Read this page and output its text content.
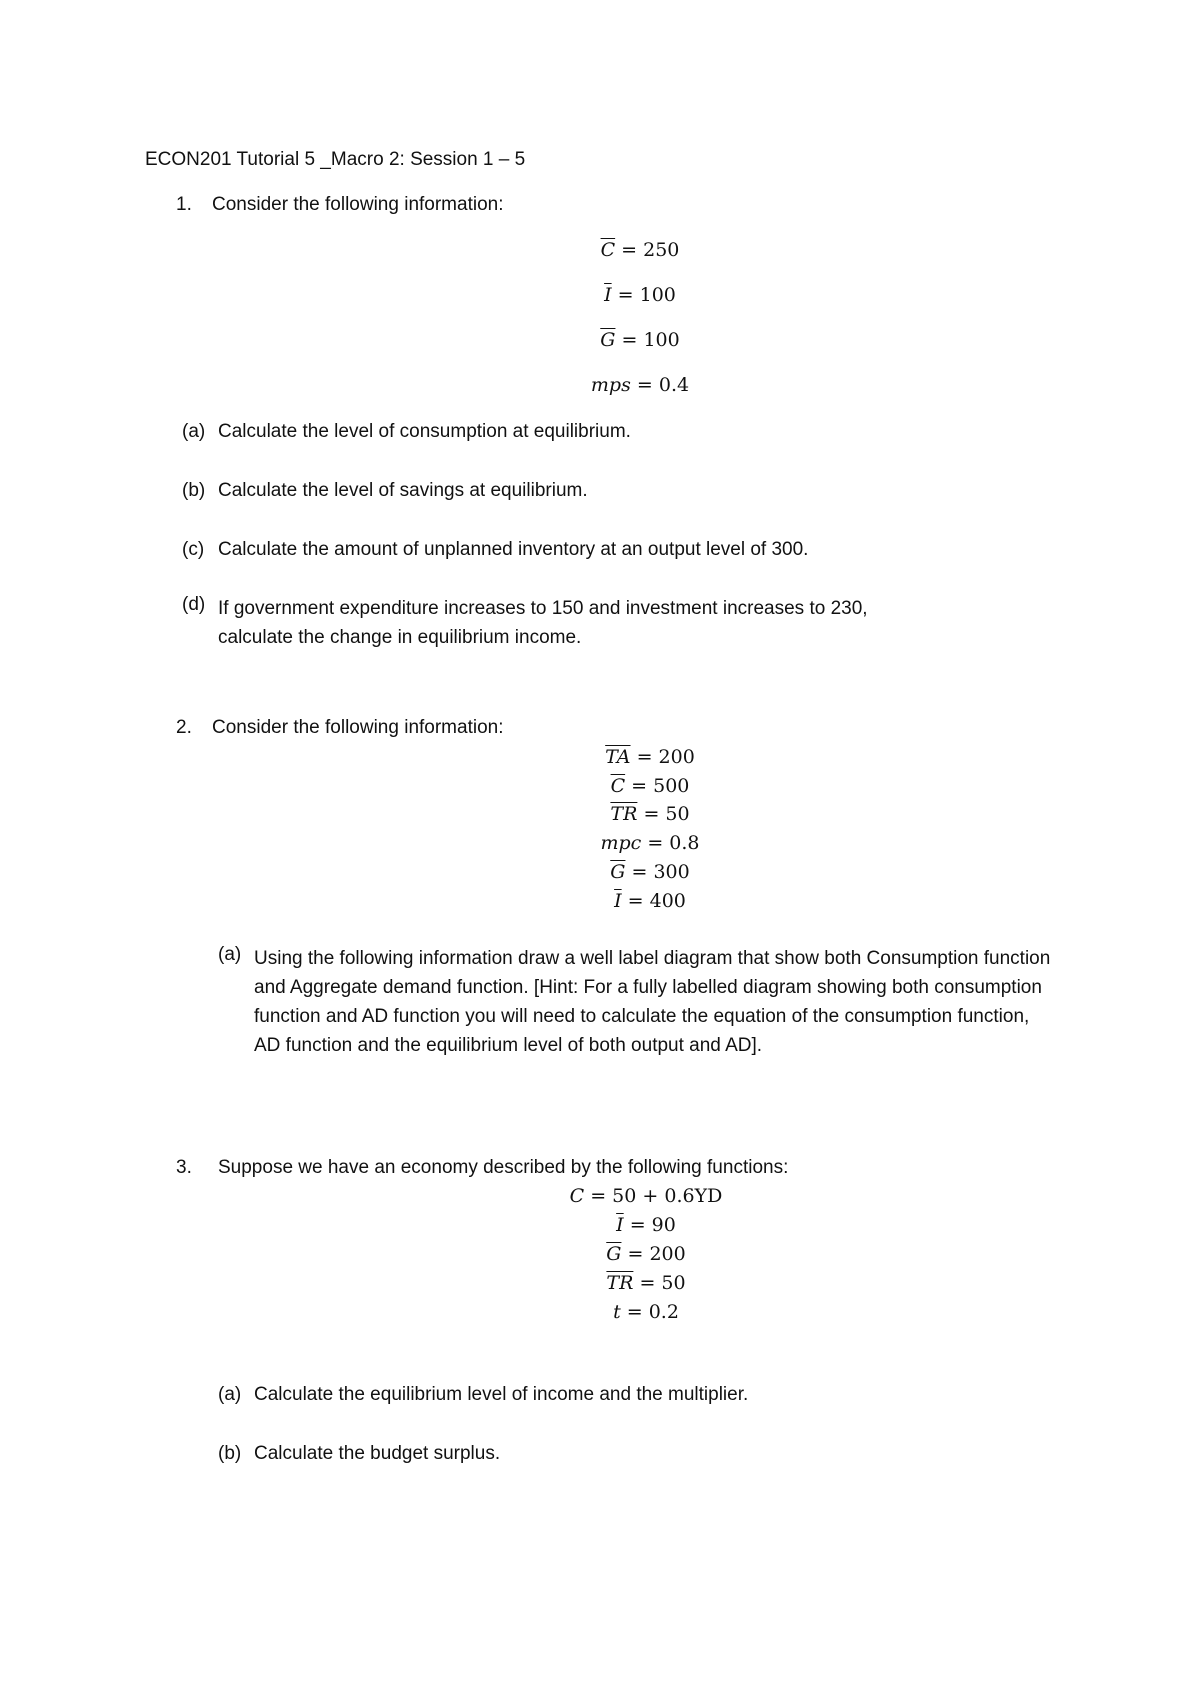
ECON201 Tutorial 5 _Macro 2: Session 1 – 5
1. Consider the following information:
$\overline{C} = 250$
$\overline{I} = 100$
$\overline{G} = 100$
mps = 0.4
(a) Calculate the level of consumption at equilibrium.
(b) Calculate the level of savings at equilibrium.
(c) Calculate the amount of unplanned inventory at an output level of 300.
(d) If government expenditure increases to 150 and investment increases to 230, calculate the change in equilibrium income.
2. Consider the following information:
$\overline{TA} = 200$
$\overline{C} = 500$
$\overline{TR} = 50$
mpc = 0.8
$\overline{G} = 300$
$\overline{I} = 400$
(a) Using the following information draw a well label diagram that show both Consumption function and Aggregate demand function. [Hint: For a fully labelled diagram showing both consumption function and AD function you will need to calculate the equation of the consumption function, AD function and the equilibrium level of both output and AD].
3. Suppose we have an economy described by the following functions:
C = 50 + 0.6YD
$\overline{I} = 90$
$\overline{G} = 200$
$\overline{TR} = 50$
t = 0.2
(a) Calculate the equilibrium level of income and the multiplier.
(b) Calculate the budget surplus.
